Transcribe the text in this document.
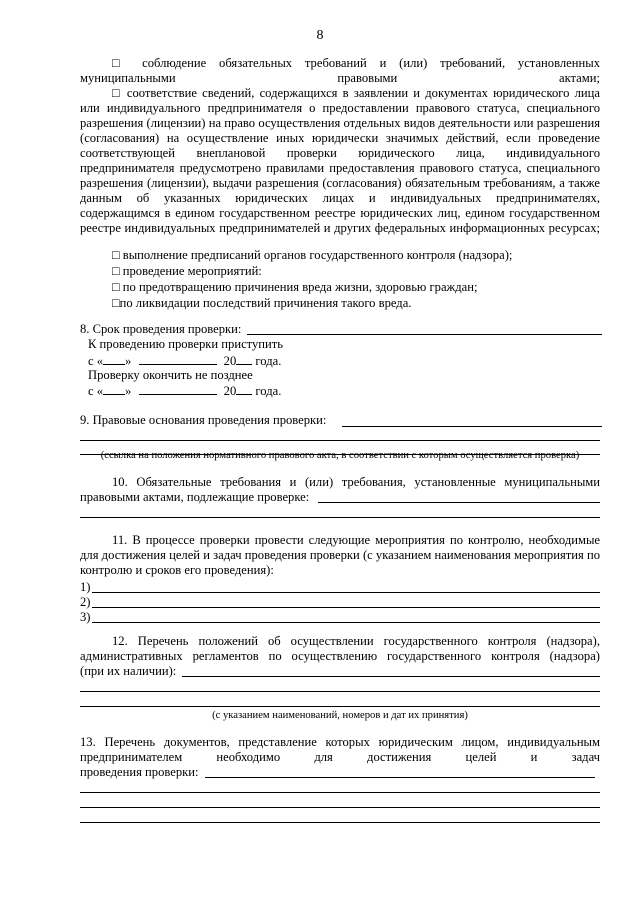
8
□ соблюдение обязательных требований и (или) требований, установленных муниципальными правовыми актами;
□ соответствие сведений, содержащихся в заявлении и документах юридического лица или индивидуального предпринимателя о предоставлении правового статуса, специального разрешения (лицензии) на право осуществления отдельных видов деятельности или разрешения (согласования) на осуществление иных юридически значимых действий, если проведение соответствующей внеплановой проверки юридического лица, индивидуального предпринимателя предусмотрено правилами предоставления правового статуса, специального разрешения (лицензии), выдачи разрешения (согласования) обязательным требованиям, а также данным об указанных юридических лицах и индивидуальных предпринимателях, содержащимся в едином государственном реестре юридических лиц, едином государственном реестре индивидуальных предпринимателей и других федеральных информационных ресурсах;
□ выполнение предписаний органов государственного контроля (надзора);
□ проведение мероприятий:
□ по предотвращению причинения вреда жизни, здоровью граждан;
□по ликвидации последствий причинения такого вреда.
8. Срок проведения проверки:
К проведению проверки приступить
с « »	20 года.
Проверку окончить не позднее
с « »	20 года.
9. Правовые основания проведения проверки:
(ссылка на положения нормативного правового акта, в соответствии с которым осуществляется проверка)
10. Обязательные требования и (или) требования, установленные муниципальными
правовыми актами, подлежащие проверке:
11. В процессе проверки провести следующие мероприятия по контролю, необходимые для достижения целей и задач проведения проверки (с указанием наименования мероприятия по контролю и сроков его проведения):
1)
2)
3)
12. Перечень положений об осуществлении государственного контроля (надзора), административных регламентов по осуществлению государственного контроля (надзора)
(при их наличии):
(с указанием наименований, номеров и дат их принятия)
13. Перечень документов, представление которых юридическим лицом, индивидуальным предпринимателем необходимо для достижения целей и задач
проведения проверки:
